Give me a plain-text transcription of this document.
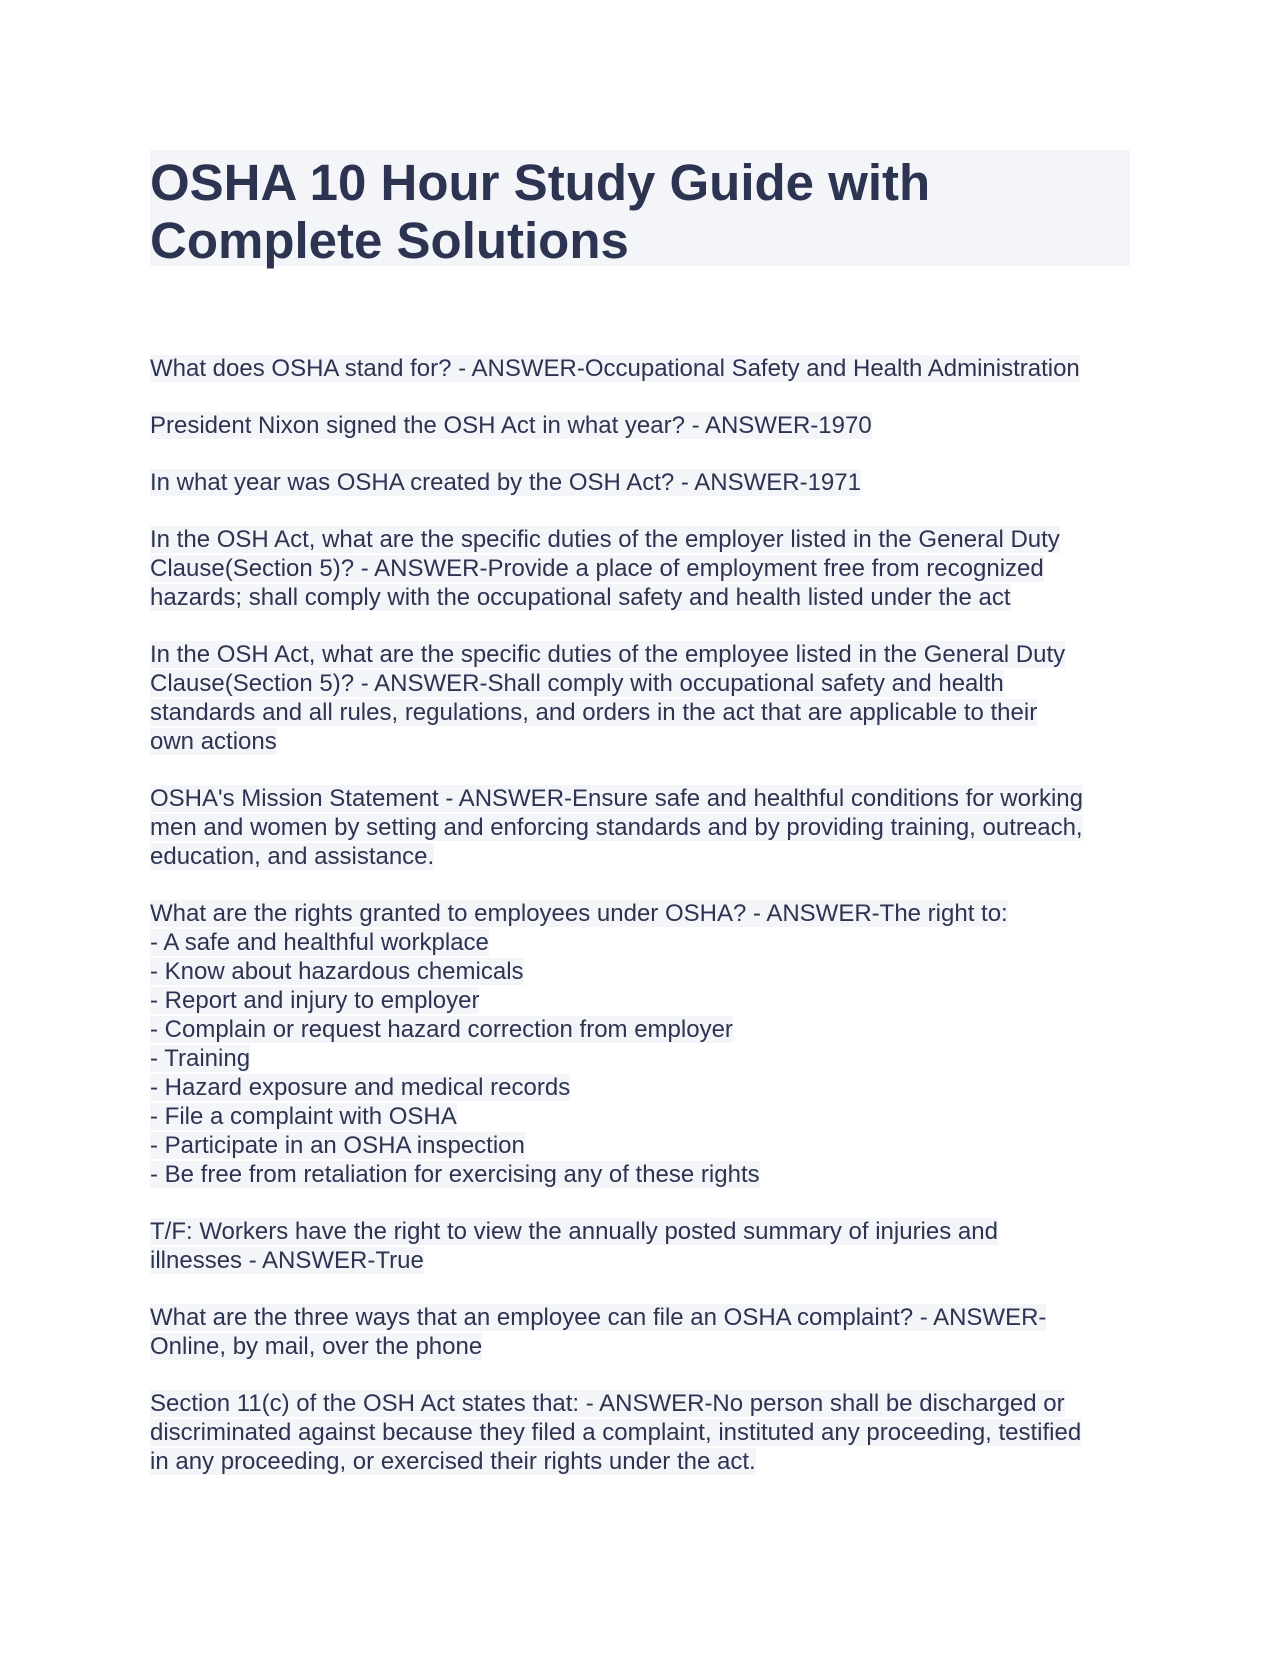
OSHA 10 Hour Study Guide with
Complete Solutions

What does OSHA stand for? - ANSWER-Occupational Safety and Health Administration

President Nixon signed the OSH Act in what year? - ANSWER-1970

In what year was OSHA created by the OSH Act? - ANSWER-1971

In the OSH Act, what are the specific duties of the employer listed in the General Duty
Clause(Section 5)? - ANSWER-Provide a place of employment free from recognized
hazards; shall comply with the occupational safety and health listed under the act

In the OSH Act, what are the specific duties of the employee listed in the General Duty
Clause(Section 5)? - ANSWER-Shall comply with occupational safety and health
standards and all rules, regulations, and orders in the act that are applicable to their
own actions

OSHA's Mission Statement - ANSWER-Ensure safe and healthful conditions for working
men and women by setting and enforcing standards and by providing training, outreach,
education, and assistance.

What are the rights granted to employees under OSHA? - ANSWER-The right to:
- A safe and healthful workplace
- Know about hazardous chemicals
- Report and injury to employer
- Complain or request hazard correction from employer
- Training
- Hazard exposure and medical records
- File a complaint with OSHA
- Participate in an OSHA inspection
- Be free from retaliation for exercising any of these rights

T/F: Workers have the right to view the annually posted summary of injuries and
illnesses - ANSWER-True

What are the three ways that an employee can file an OSHA complaint? - ANSWER-
Online, by mail, over the phone

Section 11(c) of the OSH Act states that: - ANSWER-No person shall be discharged or
discriminated against because they filed a complaint, instituted any proceeding, testified
in any proceeding, or exercised their rights under the act.
